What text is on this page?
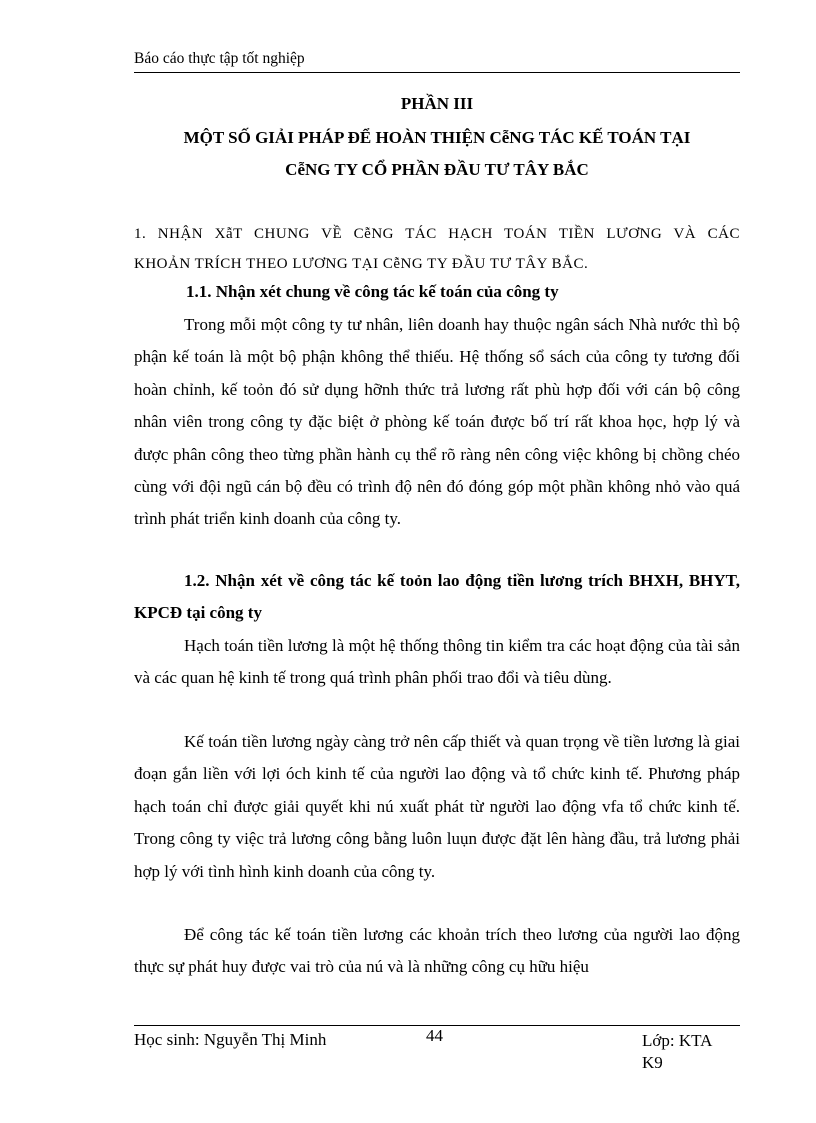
Báo cáo thực tập tốt nghiệp
PHẦN III
MỘT SỐ GIẢI PHÁP ĐỂ HOÀN THIỆN CễNG TÁC KẾ TOÁN TẠI
CễNG TY CỔ PHẦN ĐẦU TƯ TÂY BẮC
1. NHẬN XẫT CHUNG VỀ CễNG TÁC HẠCH TOÁN TIỀN LƯƠNG VÀ CÁC
KHOẢN TRÍCH THEO LƯƠNG TẠI CễNG TY ĐẦU TƯ TÂY BẮC.
1.1. Nhận xét chung về công tác kế toán của công ty
Trong mỗi một công ty tư nhân, liên doanh hay thuộc ngân sách Nhà nước thì bộ phận kế toán là một bộ phận không thể thiếu. Hệ thống sổ sách của công ty tương đối hoàn chỉnh, kế toỏn đó sử dụng hỡnh thức trả lương rất phù hợp đối với cán bộ công nhân viên trong công ty đặc biệt ở phòng kế toán được bố trí rất khoa học, hợp lý và được phân công theo từng phần hành cụ thể rõ ràng nên công việc không bị chồng chéo cùng với đội ngũ cán bộ đều có trình độ nên đó đóng góp một phần không nhỏ vào quá trình phát triển kinh doanh của công ty.
1.2. Nhận xét về công tác kế toỏn lao động tiền lương trích BHXH, BHYT, KPCĐ tại công ty
Hạch toán tiền lương là một hệ thống thông tin kiểm tra các hoạt động của tài sản và các quan hệ kinh tế trong quá trình phân phối trao đổi và tiêu dùng.
Kế toán tiền lương ngày càng trở nên cấp thiết và quan trọng về tiền lương là giai đoạn gắn liền với lợi óch kinh tế của người lao động và tổ chức kinh tế. Phương pháp hạch toán chỉ được giải quyết khi nú xuất phát từ người lao động vfa tổ chức kinh tế. Trong công ty việc trả lương công bằng luôn luụn được đặt lên hàng đầu, trả lương phải hợp lý với tình hình kinh doanh của công ty.
Để công tác kế toán tiền lương các khoản trích theo lương của người lao động thực sự phát huy được vai trò của nú và là những công cụ hữu hiệu
Học sinh: Nguyễn Thị Minh	44	Lớp: KTA K9
